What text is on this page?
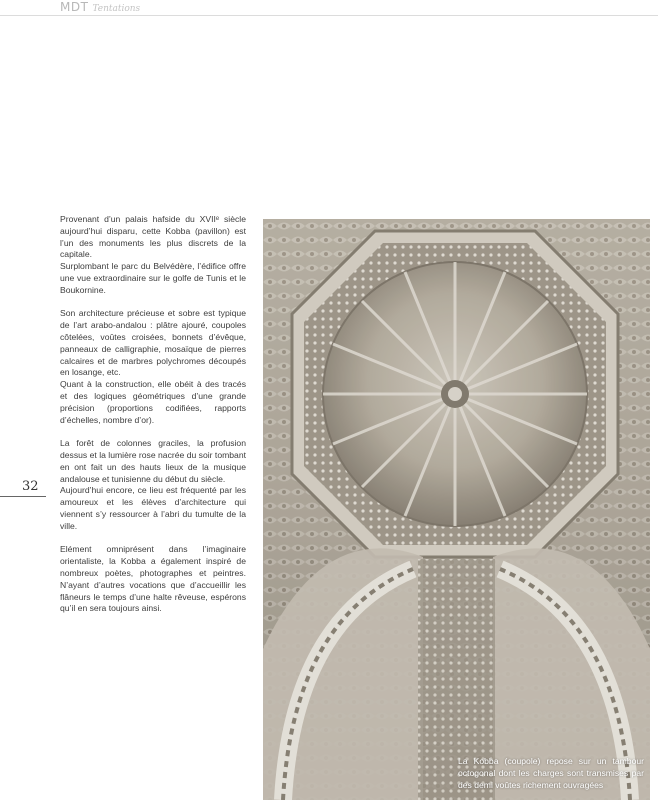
MDT Tentations
32

Provenant d’un palais hafside du XVIIᵉ siècle aujourd’hui disparu, cette Kobba (pavillon) est l’un des monuments les plus discrets de la capitale.

Surplombant le parc du Belvédère, l’édifice offre une vue extraordinaire sur le golfe de Tunis et le Boukornine.

Son architecture précieuse et sobre est typique de l’art arabo-andalou : plâtre ajouré, coupoles côtelées, voûtes croisées, bonnets d’évêque, panneaux de calligraphie, mosaïque de pierres calcaires et de marbres polychromes découpés en losange, etc.

Quant à la construction, elle obéit à des tracés et des logiques géométriques d’une grande précision (proportions codifiées, rapports d’échelles, nombre d’or).

La forêt de colonnes graciles, la profusion dessus et la lumière rose nacrée du soir tombant en ont fait un des hauts lieux de la musique andalouse et tunisienne du début du siècle.

Aujourd’hui encore, ce lieu est fréquenté par les amoureux et les élèves d’architecture qui viennent s’y ressourcer à l’abri du tumulte de la ville.

Elément omniprésent dans l’imaginaire orientaliste, la Kobba a également inspiré de nombreux poètes, photographes et peintres. N’ayant d’autres vocations que d’accueillir les flâneurs le temps d’une halte rêveuse, espérons qu’il en sera toujours ainsi.

La Kobba (coupole) repose sur un tambour octogonal dont les charges sont transmises par des demi voûtes richement ouvragées
